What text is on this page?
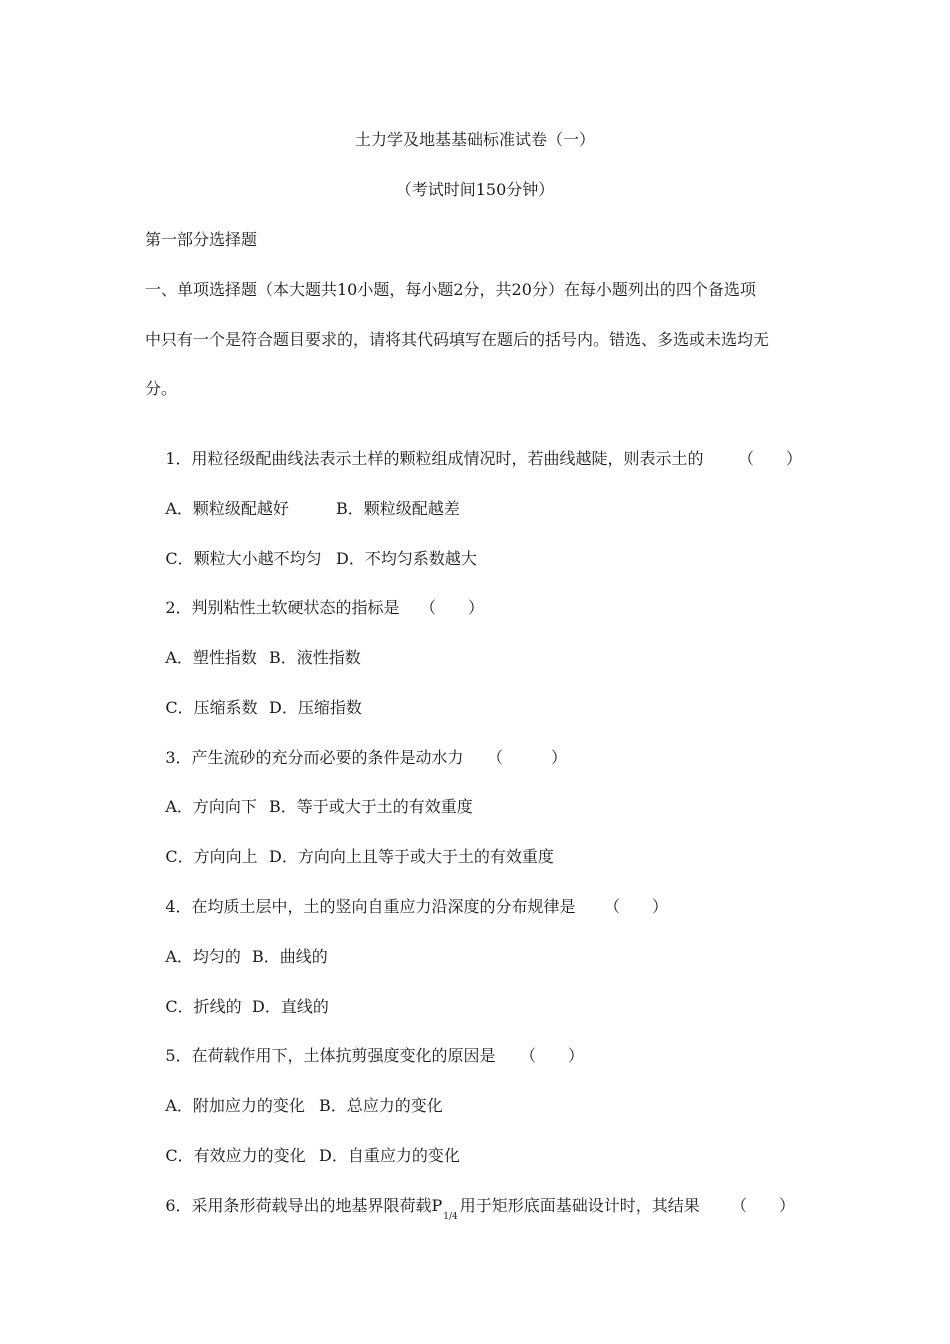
土力学及地基基础标准试卷（一）
（考试时间150分钟）
第一部分选择题
一、单项选择题（本大题共10小题，每小题2分，共20分）在每小题列出的四个备选项
中只有一个是符合题目要求的，请将其代码填写在题后的括号内。错选、多选或未选均无
分。

1．用粒径级配曲线法表示土样的颗粒组成情况时，若曲线越陡，则表示土的 （　　）

A．颗粒级配越好	B．颗粒级配越差

C．颗粒大小越不均匀 D．不均匀系数越大

2．判别粘性土软硬状态的指标是 （　　）

A．塑性指数 B．液性指数

C．压缩系数 D．压缩指数

3．产生流砂的充分而必要的条件是动水力 （　　　）

A．方向向下 B．等于或大于土的有效重度

C．方向向上 D．方向向上且等于或大于土的有效重度

4．在均质土层中，土的竖向自重应力沿深度的分布规律是 （　　）

A．均匀的 B．曲线的

C．折线的 D．直线的

5．在荷载作用下，土体抗剪强度变化的原因是 （　　）

A．附加应力的变化 B．总应力的变化

C．有效应力的变化 D．自重应力的变化

6．采用条形荷载导出的地基界限荷载$P_{1/4}$用于矩形底面基础设计时，其结果 （　　）
